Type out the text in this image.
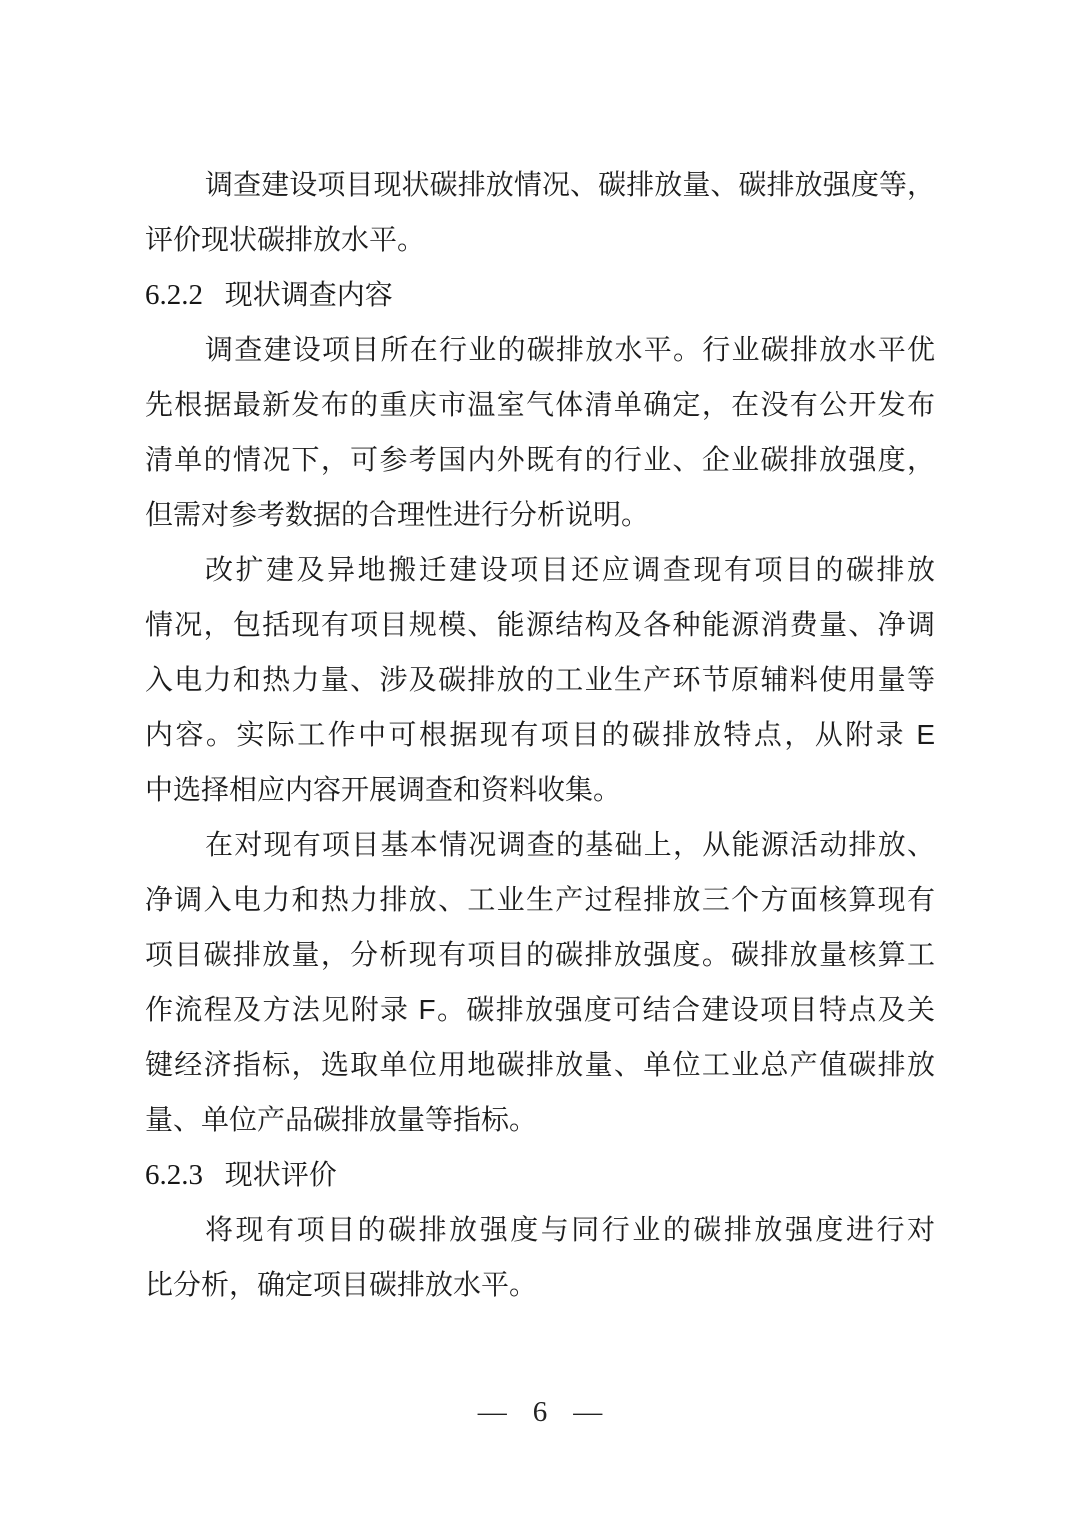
调查建设项目现状碳排放情况、碳排放量、碳排放强度等，
评价现状碳排放水平。
6.2.2 现状调查内容
调查建设项目所在行业的碳排放水平。行业碳排放水平优
先根据最新发布的重庆市温室气体清单确定，在没有公开发布
清单的情况下，可参考国内外既有的行业、企业碳排放强度，
但需对参考数据的合理性进行分析说明。
改扩建及异地搬迁建设项目还应调查现有项目的碳排放
情况，包括现有项目规模、能源结构及各种能源消费量、净调
入电力和热力量、涉及碳排放的工业生产环节原辅料使用量等
内容。实际工作中可根据现有项目的碳排放特点，从附录 E
中选择相应内容开展调查和资料收集。
在对现有项目基本情况调查的基础上，从能源活动排放、
净调入电力和热力排放、工业生产过程排放三个方面核算现有
项目碳排放量，分析现有项目的碳排放强度。碳排放量核算工
作流程及方法见附录 F。碳排放强度可结合建设项目特点及关
键经济指标，选取单位用地碳排放量、单位工业总产值碳排放
量、单位产品碳排放量等指标。
6.2.3 现状评价
将现有项目的碳排放强度与同行业的碳排放强度进行对
比分析，确定项目碳排放水平。
— 6 —
